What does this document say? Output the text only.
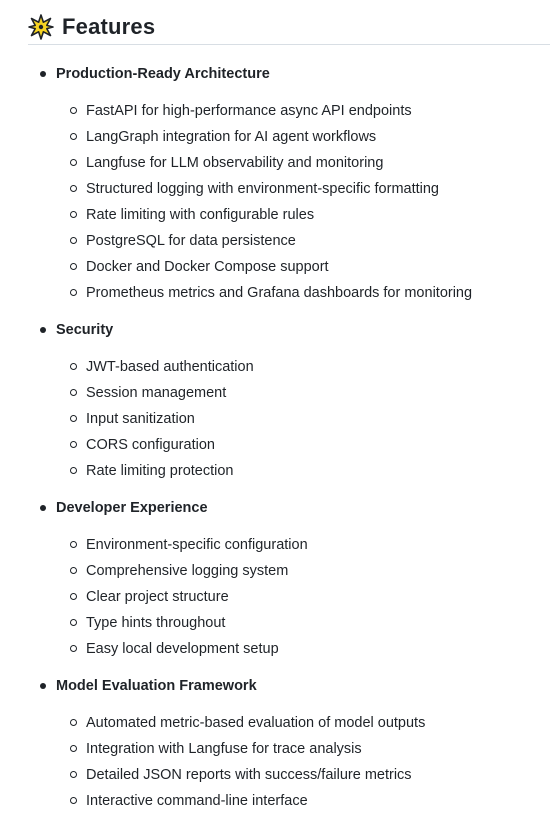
Features
Production-Ready Architecture
FastAPI for high-performance async API endpoints
LangGraph integration for AI agent workflows
Langfuse for LLM observability and monitoring
Structured logging with environment-specific formatting
Rate limiting with configurable rules
PostgreSQL for data persistence
Docker and Docker Compose support
Prometheus metrics and Grafana dashboards for monitoring
Security
JWT-based authentication
Session management
Input sanitization
CORS configuration
Rate limiting protection
Developer Experience
Environment-specific configuration
Comprehensive logging system
Clear project structure
Type hints throughout
Easy local development setup
Model Evaluation Framework
Automated metric-based evaluation of model outputs
Integration with Langfuse for trace analysis
Detailed JSON reports with success/failure metrics
Interactive command-line interface
